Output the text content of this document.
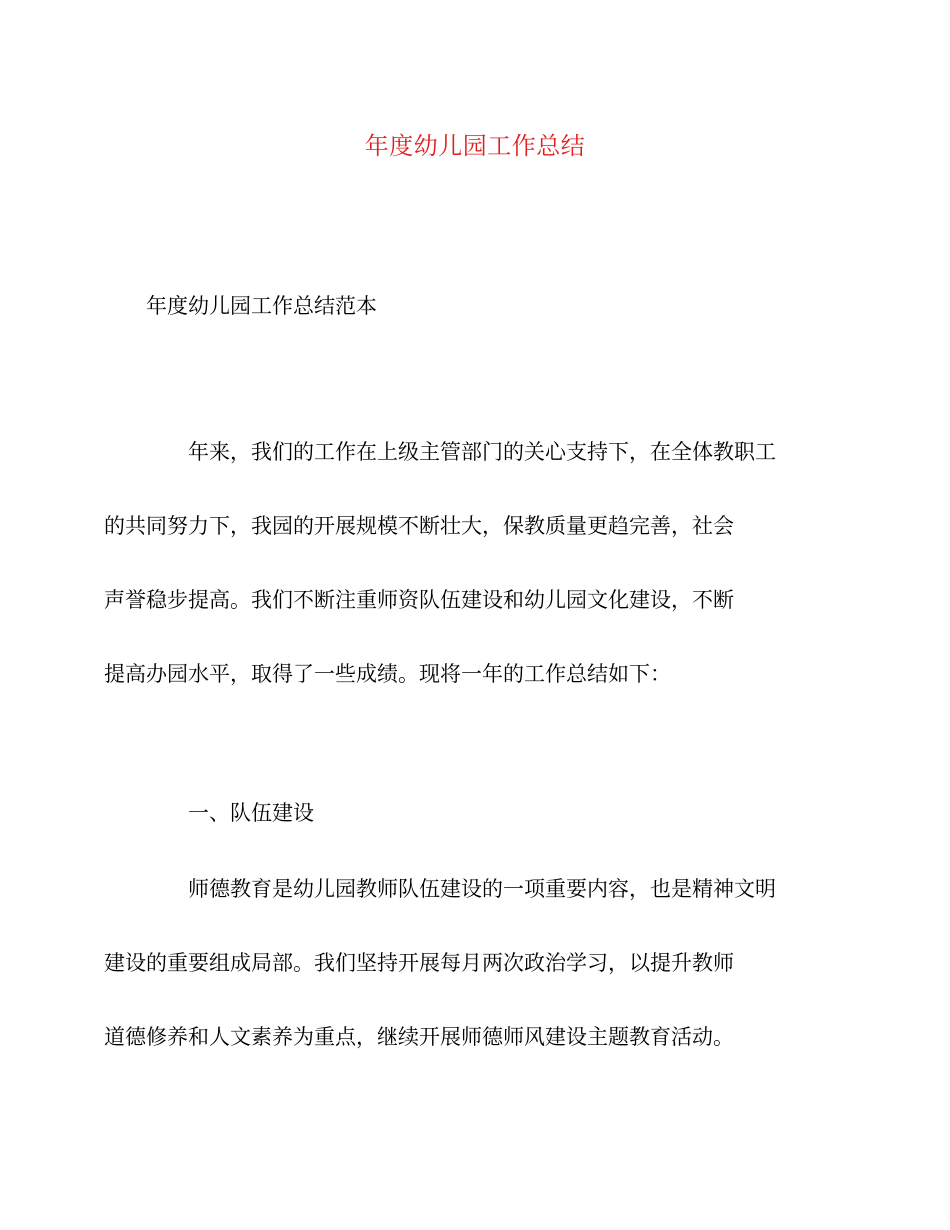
年度幼儿园工作总结
年度幼儿园工作总结范本
年来，我们的工作在上级主管部门的关心支持下，在全体教职工
的共同努力下，我园的开展规模不断壮大，保教质量更趋完善，社会
声誉稳步提高。我们不断注重师资队伍建设和幼儿园文化建设，不断
提高办园水平，取得了一些成绩。现将一年的工作总结如下：
一、队伍建设
师德教育是幼儿园教师队伍建设的一项重要内容，也是精神文明
建设的重要组成局部。我们坚持开展每月两次政治学习，以提升教师
道德修养和人文素养为重点，继续开展师德师风建设主题教育活动。
